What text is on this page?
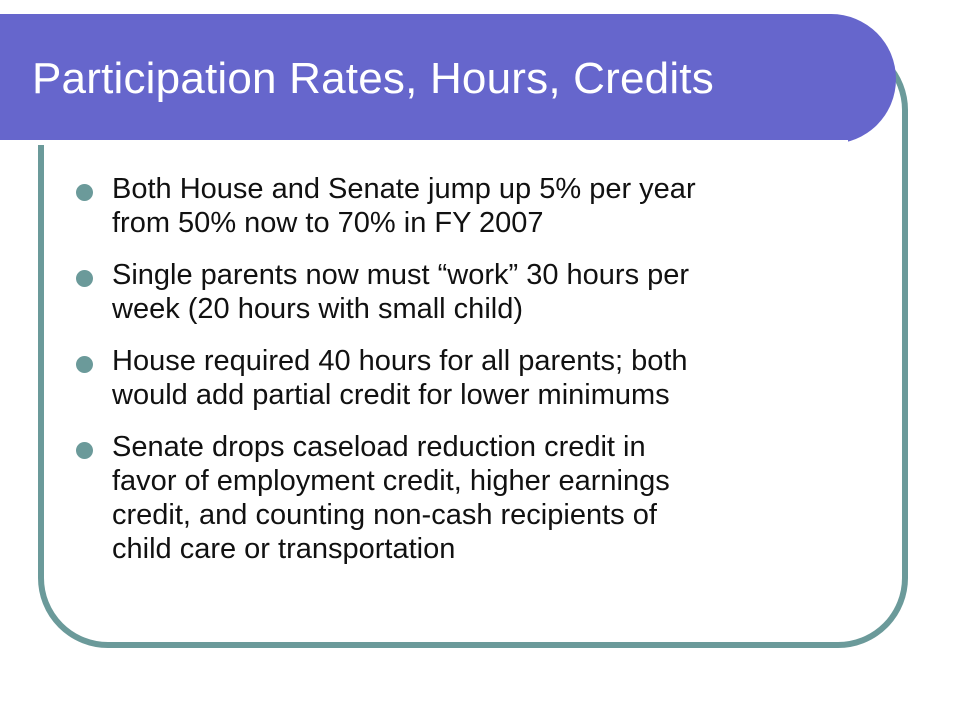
Participation Rates, Hours, Credits
Both House and Senate jump up 5% per year
from 50% now to 70% in FY 2007
Single parents now must “work” 30 hours per
week (20 hours with small child)
House required 40 hours for all parents; both
would add partial credit for lower minimums
Senate drops caseload reduction credit in
favor of employment credit, higher earnings
credit, and counting non-cash recipients of
child care or transportation
